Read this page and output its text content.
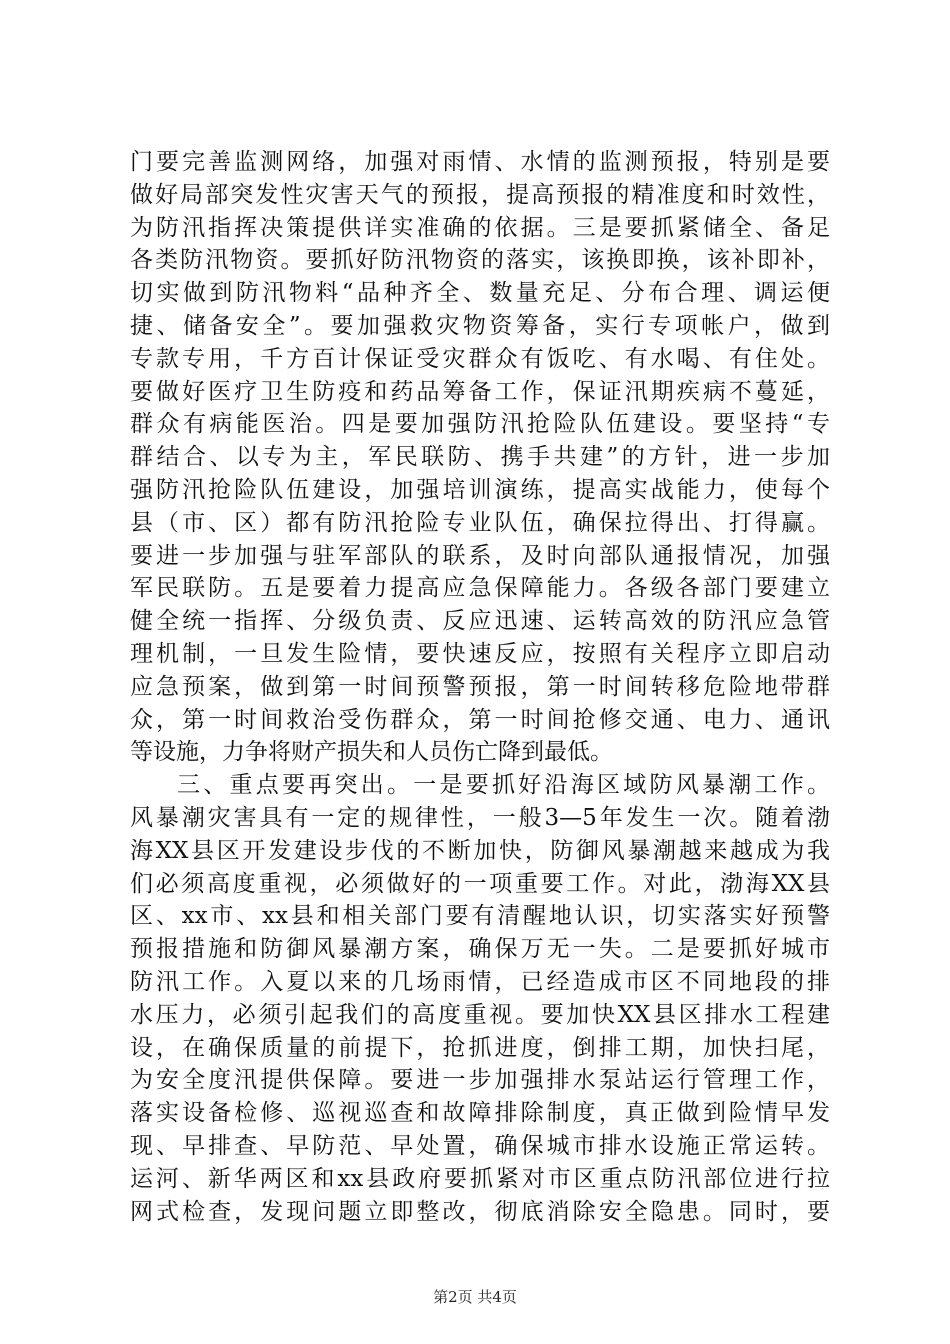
门要完善监测网络，加强对雨情、水情的监测预报，特别是要
做好局部突发性灾害天气的预报，提高预报的精准度和时效性，
为防汛指挥决策提供详实准确的依据。三是要抓紧储全、备足
各类防汛物资。要抓好防汛物资的落实，该换即换，该补即补，
切实做到防汛物料“品种齐全、数量充足、分布合理、调运便
捷、储备安全”。要加强救灾物资筹备，实行专项帐户，做到
专款专用，千方百计保证受灾群众有饭吃、有水喝、有住处。
要做好医疗卫生防疫和药品筹备工作，保证汛期疾病不蔓延，
群众有病能医治。四是要加强防汛抢险队伍建设。要坚持“专
群结合、以专为主，军民联防、携手共建”的方针，进一步加
强防汛抢险队伍建设，加强培训演练，提高实战能力，使每个
县（市、区）都有防汛抢险专业队伍，确保拉得出、打得赢。
要进一步加强与驻军部队的联系，及时向部队通报情况，加强
军民联防。五是要着力提高应急保障能力。各级各部门要建立
健全统一指挥、分级负责、反应迅速、运转高效的防汛应急管
理机制，一旦发生险情，要快速反应，按照有关程序立即启动
应急预案，做到第一时间预警预报，第一时间转移危险地带群
众，第一时间救治受伤群众，第一时间抢修交通、电力、通讯
等设施，力争将财产损失和人员伤亡降到最低。
三、重点要再突出。一是要抓好沿海区域防风暴潮工作。
风暴潮灾害具有一定的规律性，一般3—5年发生一次。随着渤
海XX县区开发建设步伐的不断加快，防御风暴潮越来越成为我
们必须高度重视，必须做好的一项重要工作。对此，渤海XX县
区、xx市、xx县和相关部门要有清醒地认识，切实落实好预警
预报措施和防御风暴潮方案，确保万无一失。二是要抓好城市
防汛工作。入夏以来的几场雨情，已经造成市区不同地段的排
水压力，必须引起我们的高度重视。要加快XX县区排水工程建
设，在确保质量的前提下，抢抓进度，倒排工期，加快扫尾，
为安全度汛提供保障。要进一步加强排水泵站运行管理工作，
落实设备检修、巡视巡查和故障排除制度，真正做到险情早发
现、早排查、早防范、早处置，确保城市排水设施正常运转。
运河、新华两区和xx县政府要抓紧对市区重点防汛部位进行拉
网式检查，发现问题立即整改，彻底消除安全隐患。同时，要
第2页 共4页
